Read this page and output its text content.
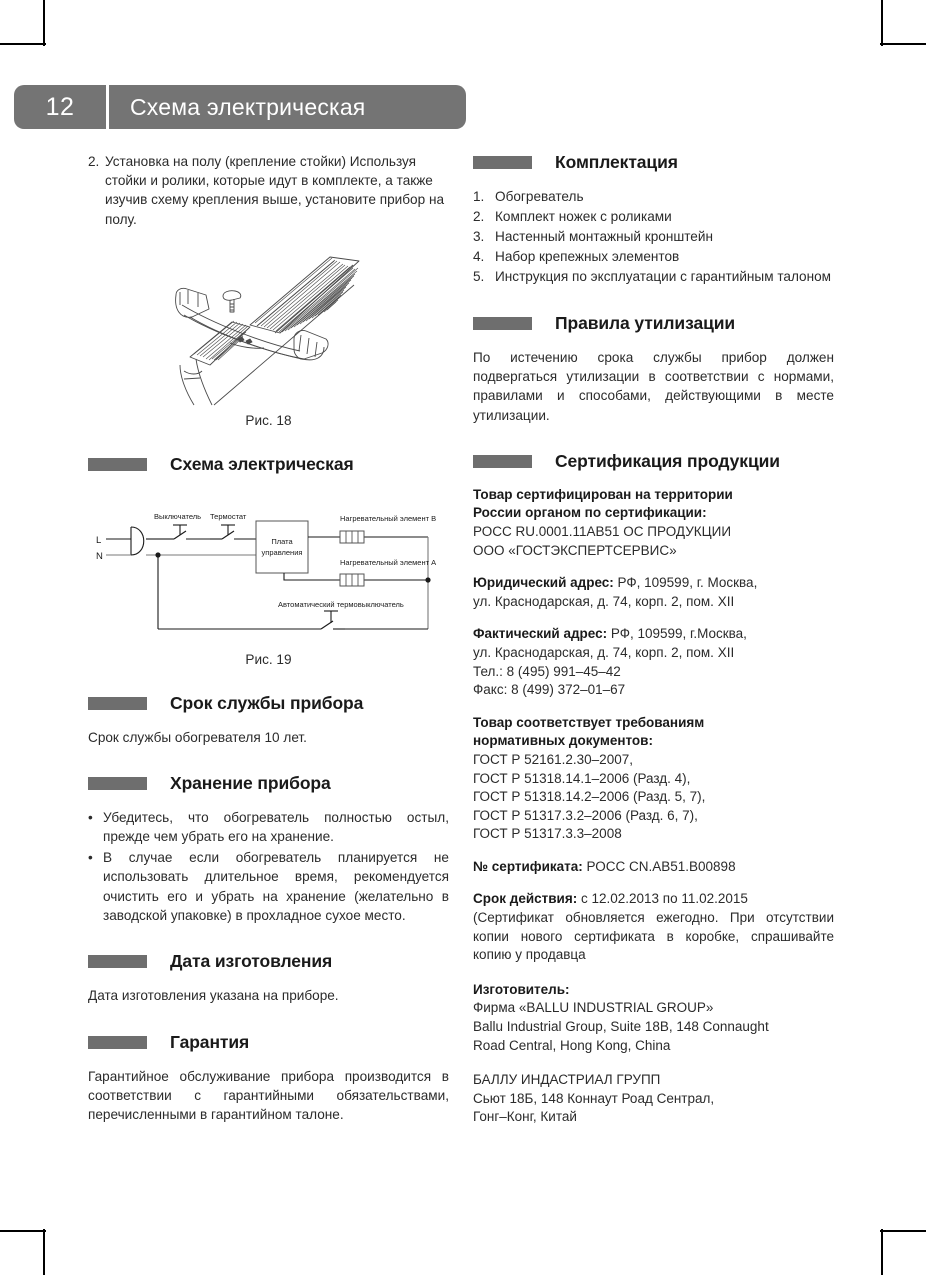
12	Схема электрическая
2. Установка на полу (крепление стойки) Используя стойки и ролики, которые идут в комплекте, а также изучив схему крепления выше, установите прибор на полу.
Рис. 18
Схема электрическая
L
N
Выключатель Термостат
Плата
управления
Нагревательный элемент B
Нагревательный элемент A
Автоматический термовыключатель
Рис. 19
Срок службы прибора

Срок службы обогревателя 10 лет.

Хранение прибора
• Убедитесь, что обогреватель полностью остыл, прежде чем убрать его на хранение.
• В случае если обогреватель планируется не использовать длительное время, рекомендуется очистить его и убрать на хранение (желательно в заводской упаковке) в прохладное сухое место.
Дата изготовления

Дата изготовления указана на приборе.

Гарантия

Гарантийное обслуживание прибора производится в соответствии с гарантийными обязательствами, перечисленными в гарантийном талоне.

Комплектация
1. Обогреватель
2. Комплект ножек с роликами
3. Настенный монтажный кронштейн
4. Набор крепежных элементов
5. Инструкция по эксплуатации с гарантийным талоном
Правила утилизации

По истечению срока службы прибор должен подвергаться утилизации в соответствии с нормами, правилами и способами, действующими в месте утилизации.

Сертификация продукции

Товар сертифицирован на территории

России органом по сертификации:

РОСС RU.0001.11АВ51 ОС ПРОДУКЦИИ

ООО «ГОСТЭКСПЕРТСЕРВИС»

Юридический адрес: РФ, 109599, г. Москва,

ул. Краснодарская, д. 74, корп. 2, пом. XII

Фактический адрес: РФ, 109599, г.Москва,

ул. Краснодарская, д. 74, корп. 2, пом. XII

Тел.: 8 (495) 991–45–42

Факс: 8 (499) 372–01–67

Товар соответствует требованиям

нормативных документов:

ГОСТ Р 52161.2.30–2007,

ГОСТ Р 51318.14.1–2006 (Разд. 4),

ГОСТ Р 51318.14.2–2006 (Разд. 5, 7),

ГОСТ Р 51317.3.2–2006 (Разд. 6, 7),

ГОСТ Р 51317.3.3–2008

№ сертификата: РОСС CN.АВ51.В00898

Срок действия: с 12.02.2013 по 11.02.2015

(Сертификат обновляется ежегодно. При отсутствии копии нового сертификата в коробке, спрашивайте копию у продавца

Изготовитель:

Фирма «BALLU INDUSTRIAL GROUP»

Ballu Industrial Group, Suite 18B, 148 Connaught

Road Central, Hong Kong, China

БАЛЛУ ИНДАСТРИАЛ ГРУПП

Сьют 18Б, 148 Коннаут Роад Сентрал,

Гонг–Конг, Китай
